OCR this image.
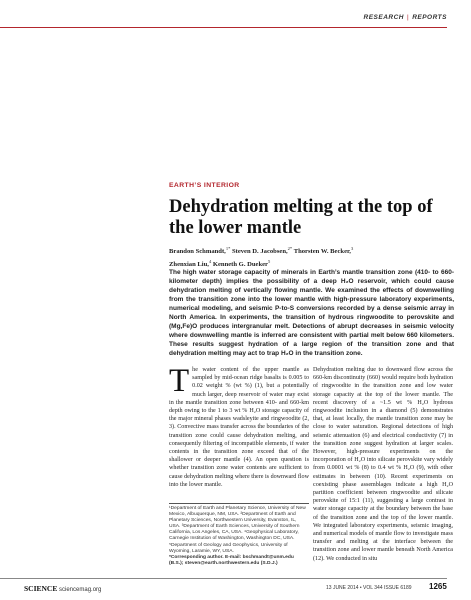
RESEARCH | REPORTS
EARTH’S INTERIOR
Dehydration melting at the top of the lower mantle
Brandon Schmandt,$^{1*}$ Steven D. Jacobsen,$^{2*}$ Thorsten W. Becker,$^3$
Zhenxian Liu,$^4$ Kenneth G. Dueker$^5$
The high water storage capacity of minerals in Earth’s mantle transition zone (410- to 660-kilometer depth) implies the possibility of a deep H₂O reservoir, which could cause dehydration melting of vertically flowing mantle. We examined the effects of downwelling from the transition zone into the lower mantle with high-pressure laboratory experiments, numerical modeling, and seismic P-to-S conversions recorded by a dense seismic array in North America. In experiments, the transition of hydrous ringwoodite to perovskite and (Mg,Fe)O produces intergranular melt. Detections of abrupt decreases in seismic velocity where downwelling mantle is inferred are consistent with partial melt below 660 kilometers. These results suggest hydration of a large region of the transition zone and that dehydration melting may act to trap H₂O in the transition zone.
The water content of the upper mantle as sampled by mid-ocean ridge basalts is 0.005 to 0.02 weight % (wt %) (1), but a potentially much larger, deep reservoir of water may exist in the mantle transition zone between 410- and 660-km depth owing to the 1 to 3 wt % H₂O storage capacity of the major mineral phases wadsleyite and ringwoodite (2, 3). Convective mass transfer across the boundaries of the transition zone could cause dehydration melting, and consequently filtering of incompatible elements, if water contents in the transition zone exceed that of the shallower or deeper mantle (4). An open question is whether transition zone water contents are sufficient to cause dehydration melting where there is downward flow into the lower mantle.
¹Department of Earth and Planetary Science, University of New Mexico, Albuquerque, NM, USA. ²Department of Earth and Planetary Sciences, Northwestern University, Evanston, IL, USA. ³Department of Earth Sciences, University of Southern California, Los Angeles, CA, USA. ⁴Geophysical Laboratory, Carnegie Institution of Washington, Washington DC, USA. ⁵Department of Geology and Geophysics, University of Wyoming, Laramie, WY, USA.
*Corresponding author. E-mail: bschmandt@unm.edu (B.S.); steven@earth.northwestern.edu (S.D.J.)
Dehydration melting due to downward flow across the 660-km discontinuity (660) would require both hydration of ringwoodite in the transition zone and low water storage capacity at the top of the lower mantle. The recent discovery of a ~1.5 wt % H₂O hydrous ringwoodite inclusion in a diamond (5) demonstrates that, at least locally, the mantle transition zone may be close to water saturation. Regional detections of high seismic attenuation (6) and electrical conductivity (7) in the transition zone suggest hydration at larger scales. However, high-pressure experiments on the incorporation of H₂O into silicate perovskite vary widely from 0.0001 wt % (8) to 0.4 wt % H₂O (9), with other estimates in between (10). Recent experiments on coexisting phase assemblages indicate a high H₂O partition coefficient between ringwoodite and silicate perovskite of 15:1 (11), suggesting a large contrast in water storage capacity at the boundary between the base of the transition zone and the top of the lower mantle. We integrated laboratory experiments, seismic imaging, and numerical models of mantle flow to investigate mass transfer and melting at the interface between the transition zone and lower mantle beneath North America (12). We conducted in situ
SCIENCE sciencemag.org	13 JUNE 2014 • VOL 344 ISSUE 6189 1265
